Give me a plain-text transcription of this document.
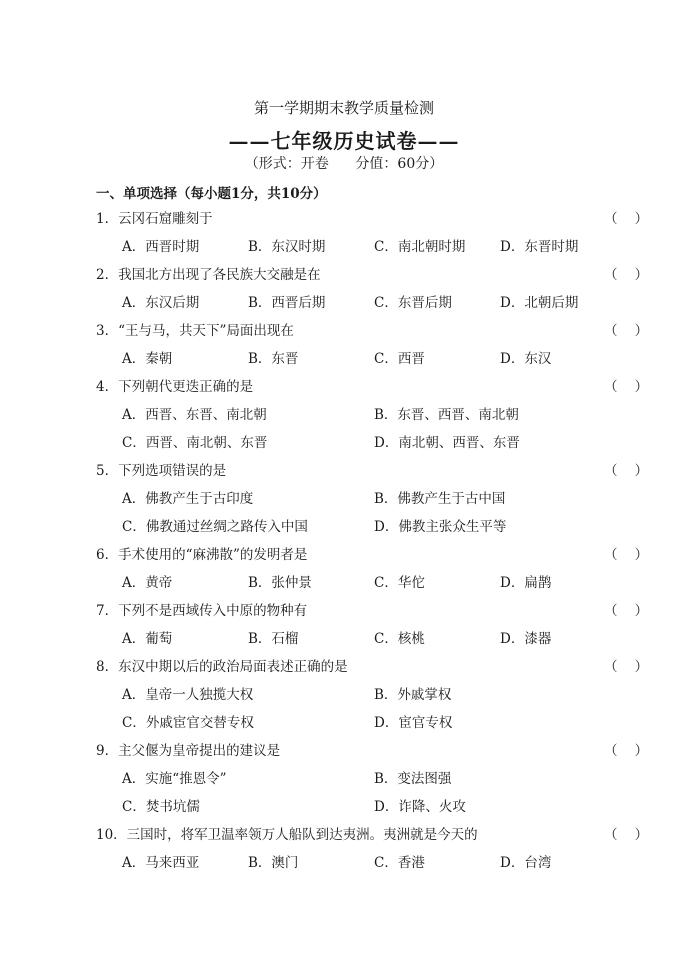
第一学期期末教学质量检测
——七年级历史试卷——
（形式：开卷      分值：60分）
一、单项选择（每小题1分，共10分）
1．云冈石窟雕刻于	（    ）
A．西晋时期	B．东汉时期	C．南北朝时期	D．东晋时期
2．我国北方出现了各民族大交融是在	（    ）
A．东汉后期	B．西晋后期	C．东晋后期	D．北朝后期
3．“王与马，共天下”局面出现在	（    ）
A．秦朝	B．东晋	C．西晋	D．东汉
4．下列朝代更迭正确的是	（    ）
A．西晋、东晋、南北朝	B．东晋、西晋、南北朝
C．西晋、南北朝、东晋	D．南北朝、西晋、东晋
5．下列选项错误的是	（    ）
A．佛教产生于古印度	B．佛教产生于古中国
C．佛教通过丝绸之路传入中国	D．佛教主张众生平等
6．手术使用的“麻沸散”的发明者是	（    ）
A．黄帝	B．张仲景	C．华佗	D．扁鹊
7．下列不是西域传入中原的物种有	（    ）
A．葡萄	B．石榴	C．核桃	D．漆器
8．东汉中期以后的政治局面表述正确的是	（    ）
A．皇帝一人独揽大权	B．外戚掌权
C．外戚宦官交替专权	D．宦官专权
9．主父偃为皇帝提出的建议是	（    ）
A．实施“推恩令”	B．变法图强
C．焚书坑儒	D．诈降、火攻
10．三国时，将军卫温率领万人船队到达夷洲。夷洲就是今天的	（    ）
A．马来西亚	B．澳门	C．香港	D．台湾
